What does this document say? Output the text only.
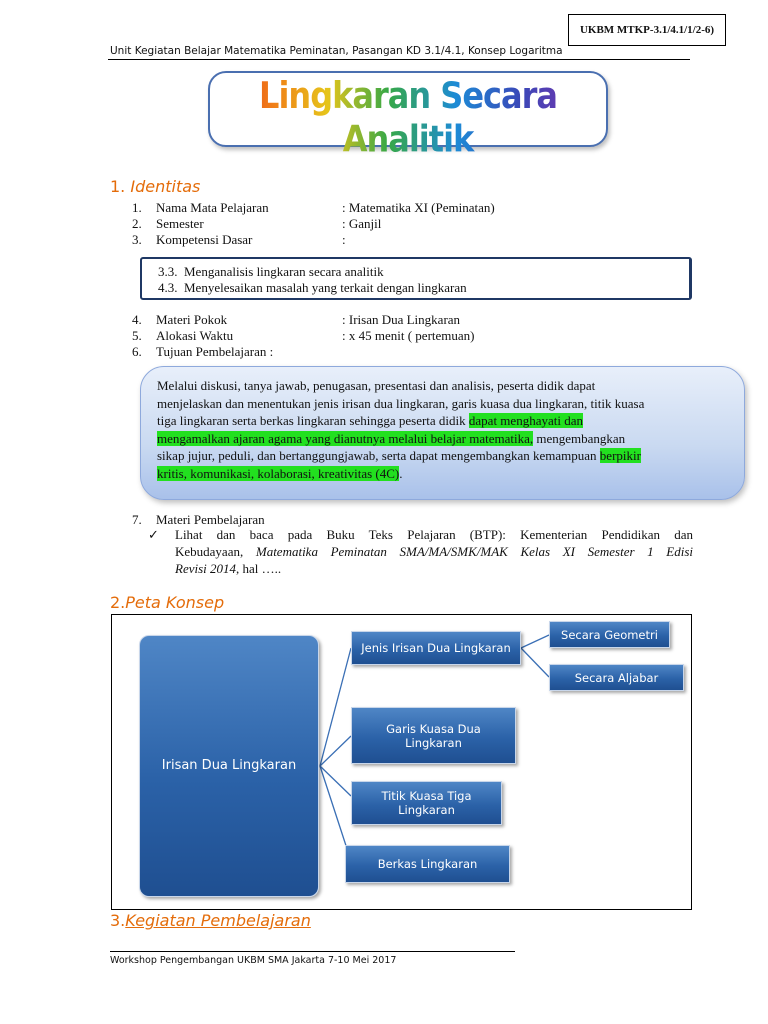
UKBM MTKP-3.1/4.1/1/2-6)
Unit Kegiatan Belajar Matematika Peminatan, Pasangan KD 3.1/4.1, Konsep Logaritma
Lingkaran Secara Analitik
1. Identitas
1. Nama Mata Pelajaran	: Matematika XI (Peminatan)
2. Semester	: Ganjil
3. Kompetensi Dasar	:
3.3. Menganalisis lingkaran secara analitik
4.3. Menyelesaikan masalah yang terkait dengan lingkaran
4. Materi Pokok	: Irisan Dua Lingkaran
5. Alokasi Waktu	: x 45 menit ( pertemuan)
6. Tujuan Pembelajaran :
Melalui diskusi, tanya jawab, penugasan, presentasi dan analisis, peserta didik dapat
menjelaskan dan menentukan jenis irisan dua lingkaran, garis kuasa dua lingkaran, titik kuasa
tiga lingkaran serta berkas lingkaran sehingga peserta didik dapat menghayati dan
mengamalkan ajaran agama yang dianutnya melalui belajar matematika, mengembangkan
sikap jujur, peduli, dan bertanggungjawab, serta dapat mengembangkan kemampuan berpikir
kritis, komunikasi, kolaborasi, kreativitas (4C).
7. Materi Pembelajaran
✓ Lihat dan baca pada Buku Teks Pelajaran (BTP): Kementerian Pendidikan dan
Kebudayaan, Matematika Peminatan SMA/MA/SMK/MAK Kelas XI Semester 1 Edisi
Revisi 2014, hal …..
2.Peta Konsep
Irisan Dua Lingkaran
Jenis Irisan Dua Lingkaran
Secara Geometri
Secara Aljabar
Garis Kuasa Dua Lingkaran
Titik Kuasa Tiga Lingkaran
Berkas Lingkaran
3.Kegiatan Pembelajaran
Workshop Pengembangan UKBM SMA Jakarta 7-10 Mei 2017
